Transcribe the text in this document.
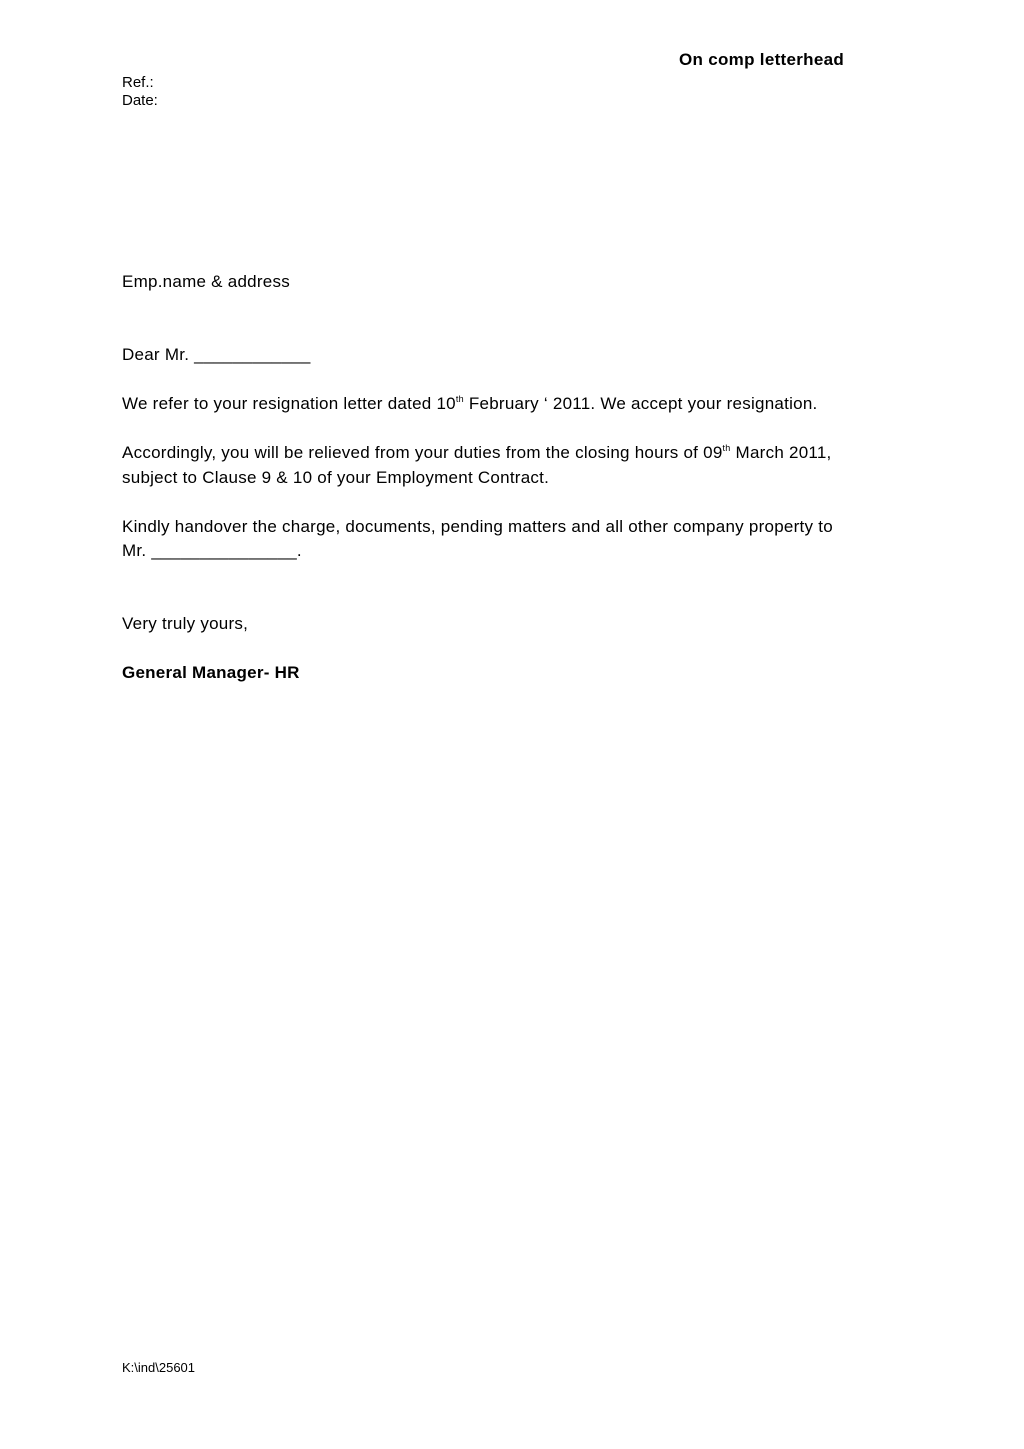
On comp letterhead
Ref.:
Date:
Emp.name & address
Dear Mr. ____________
We refer to your resignation letter dated 10th February ‘ 2011. We accept your resignation.
Accordingly, you will be relieved from your duties from the closing hours of 09th March 2011,
subject to Clause 9 & 10 of your Employment Contract.
Kindly handover the charge, documents, pending matters and all other company property to
Mr. _______________.
Very truly yours,
General Manager- HR
K:\ind\25601
